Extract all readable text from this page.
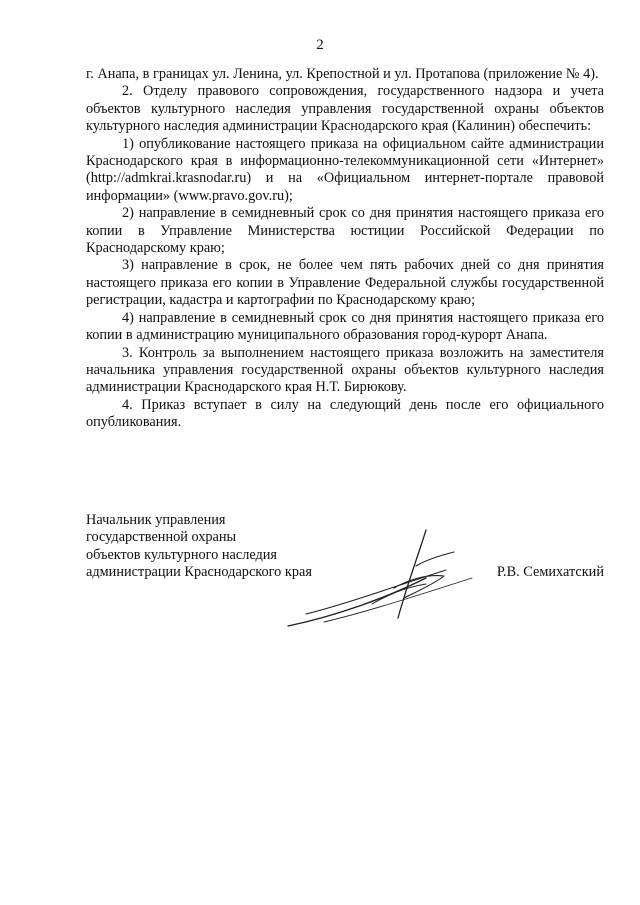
2

г. Анапа, в границах ул. Ленина, ул. Крепостной и ул. Протапова (приложение № 4).

2. Отделу правового сопровождения, государственного надзора и учета объектов культурного наследия управления государственной охраны объектов культурного наследия администрации Краснодарского края (Калинин) обеспечить:

1) опубликование настоящего приказа на официальном сайте администрации Краснодарского края в информационно-телекоммуникационной сети «Интернет» (http://admkrai.krasnodar.ru) и на «Официальном интернет-портале правовой информации» (www.pravo.gov.ru);

2) направление в семидневный срок со дня принятия настоящего приказа его копии в Управление Министерства юстиции Российской Федерации по Краснодарскому краю;

3) направление в срок, не более чем пять рабочих дней со дня принятия настоящего приказа его копии в Управление Федеральной службы государственной регистрации, кадастра и картографии по Краснодарскому краю;

4) направление в семидневный срок со дня принятия настоящего приказа его копии в администрацию муниципального образования город-курорт Анапа.

3. Контроль за выполнением настоящего приказа возложить на заместителя начальника управления государственной охраны объектов культурного наследия администрации Краснодарского края Н.Т. Бирюкову.

4. Приказ вступает в силу на следующий день после его официального опубликования.

Начальник управления
государственной охраны
объектов культурного наследия
администрации Краснодарского края	Р.В. Семихатский
